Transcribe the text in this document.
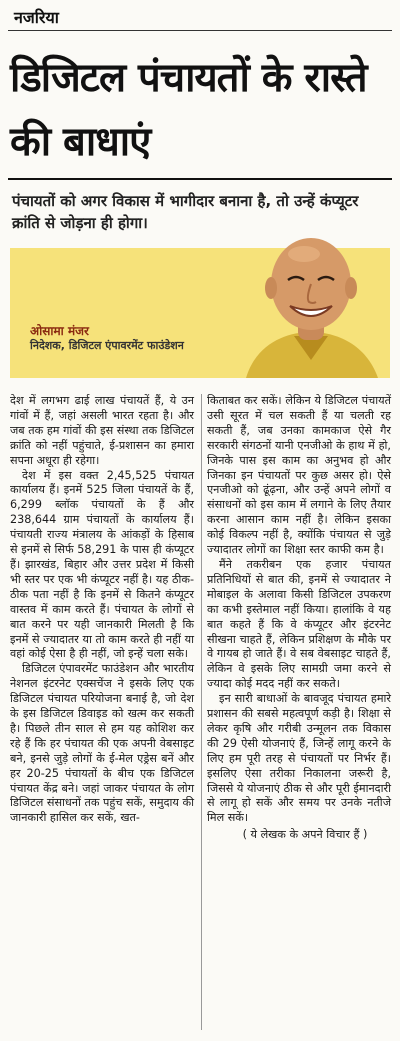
नजरिया
डिजिटल पंचायतों के रास्ते की बाधाएं
पंचायतों को अगर विकास में भागीदार बनाना है, तो उन्हें कंप्यूटर क्रांति से जोड़ना ही होगा।
ओसामा मंजर
निदेशक, डिजिटल एंपावरमेंट फाउंडेशन

देश में लगभग ढाई लाख पंचायतें हैं, ये उन गांवों में हैं, जहां असली भारत रहता है। और जब तक हम गांवों की इस संस्था तक डिजिटल क्रांति को नहीं पहुंचाते, ई-प्रशासन का हमारा सपना अधूरा ही रहेगा।

देश में इस वक्त 2,45,525 पंचायत कार्यालय हैं। इनमें 525 जिला पंचायतें के हैं, 6,299 ब्लॉक पंचायतों के हैं और 238,644 ग्राम पंचायतों के कार्यालय हैं। पंचायती राज्य मंत्रालय के आंकड़ों के हिसाब से इनमें से सिर्फ 58,291 के पास ही कंप्यूटर हैं। झारखंड, बिहार और उत्तर प्रदेश में किसी भी स्तर पर एक भी कंप्यूटर नहीं है। यह ठीक-ठीक पता नहीं है कि इनमें से कितने कंप्यूटर वास्तव में काम करते हैं। पंचायत के लोगों से बात करने पर यही जानकारी मिलती है कि इनमें से ज्यादातर या तो काम करते ही नहीं या वहां कोई ऐसा है ही नहीं, जो इन्हें चला सके।

डिजिटल एंपावरमेंट फाउंडेशन और भारतीय नेशनल इंटरनेट एक्सचेंज ने इसके लिए एक डिजिटल पंचायत परियोजना बनाई है, जो देश के इस डिजिटल डिवाइड को खत्म कर सकती है। पिछले तीन साल से हम यह कोशिश कर रहे हैं कि हर पंचायत की एक अपनी वेबसाइट बने, इनसे जुड़े लोगों के ई-मेल एड्रेस बनें और हर 20-25 पंचायतों के बीच एक डिजिटल पंचायत केंद्र बने। जहां जाकर पंचायत के लोग डिजिटल संसाधनों तक पहुंच सकें, समुदाय की जानकारी हासिल कर सकें, खत-

किताबत कर सकें। लेकिन ये डिजिटल पंचायतें उसी सूरत में चल सकती हैं या चलती रह सकती हैं, जब उनका कामकाज ऐसे गैर सरकारी संगठनों यानी एनजीओ के हाथ में हो, जिनके पास इस काम का अनुभव हो और जिनका इन पंचायतों पर कुछ असर हो। ऐसे एनजीओ को ढूंढ़ना, और उन्हें अपने लोगों व संसाधनों को इस काम में लगाने के लिए तैयार करना आसान काम नहीं है। लेकिन इसका कोई विकल्प नहीं है, क्योंकि पंचायत से जुड़े ज्यादातर लोगों का शिक्षा स्तर काफी कम है।

मैंने तकरीबन एक हजार पंचायत प्रतिनिधियों से बात की, इनमें से ज्यादातर ने मोबाइल के अलावा किसी डिजिटल उपकरण का कभी इस्तेमाल नहीं किया। हालांकि वे यह बात कहते हैं कि वे कंप्यूटर और इंटरनेट सीखना चाहते हैं, लेकिन प्रशिक्षण के मौके पर वे गायब हो जाते हैं। वे सब वेबसाइट चाहते हैं, लेकिन वे इसके लिए सामग्री जमा करने से ज्यादा कोई मदद नहीं कर सकते।

इन सारी बाधाओं के बावजूद पंचायत हमारे प्रशासन की सबसे महत्वपूर्ण कड़ी है। शिक्षा से लेकर कृषि और गरीबी उन्मूलन तक विकास की 29 ऐसी योजनाएं हैं, जिन्हें लागू करने के लिए हम पूरी तरह से पंचायतों पर निर्भर हैं। इसलिए ऐसा तरीका निकालना जरूरी है, जिससे ये योजनाएं ठीक से और पूरी ईमानदारी से लागू हो सकें और समय पर उनके नतीजे मिल सकें।

( ये लेखक के अपने विचार हैं )
